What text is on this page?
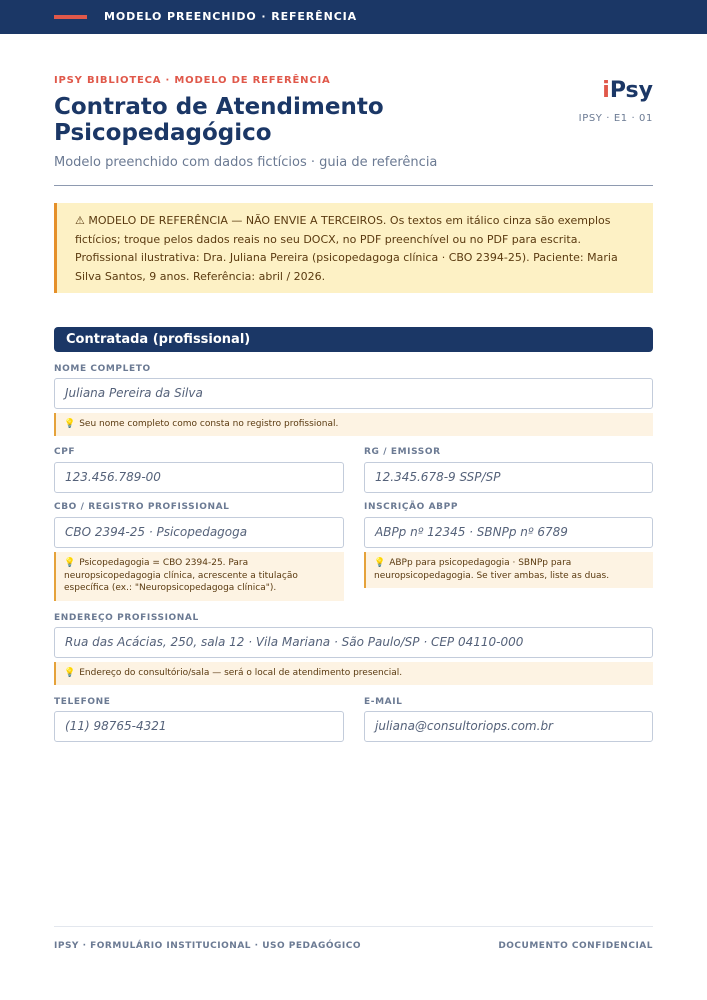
MODELO PREENCHIDO · REFERÊNCIA
IPSY BIBLIOTECA · MODELO DE REFERÊNCIA
Contrato de Atendimento Psicopedagógico
Modelo preenchido com dados fictícios · guia de referência
iPsy
IPSY · E1 · 01
⚠ MODELO DE REFERÊNCIA — NÃO ENVIE A TERCEIROS. Os textos em itálico cinza são exemplos fictícios; troque pelos dados reais no seu DOCX, no PDF preenchível ou no PDF para escrita. Profissional ilustrativa: Dra. Juliana Pereira (psicopedagoga clínica · CBO 2394-25). Paciente: Maria Silva Santos, 9 anos. Referência: abril / 2026.
Contratada (profissional)
NOME COMPLETO
Juliana Pereira da Silva
💡 Seu nome completo como consta no registro profissional.
CPF
123.456.789-00
RG / EMISSOR
12.345.678-9 SSP/SP
CBO / REGISTRO PROFISSIONAL
CBO 2394-25 · Psicopedagoga
INSCRIÇÃO ABPP
ABPp nº 12345 · SBNPp nº 6789
💡 Psicopedagogia = CBO 2394-25. Para neuropsicopedagogia clínica, acrescente a titulação específica (ex.: "Neuropsicopedagoga clínica").
💡 ABPp para psicopedagogia · SBNPp para neuropsicopedagogia. Se tiver ambas, liste as duas.
ENDEREÇO PROFISSIONAL
Rua das Acácias, 250, sala 12 · Vila Mariana · São Paulo/SP · CEP 04110-000
💡 Endereço do consultório/sala — será o local de atendimento presencial.
TELEFONE
(11) 98765-4321
E-MAIL
juliana@consultoriops.com.br
IPSY · FORMULÁRIO INSTITUCIONAL · USO PEDAGÓGICO	DOCUMENTO CONFIDENCIAL
